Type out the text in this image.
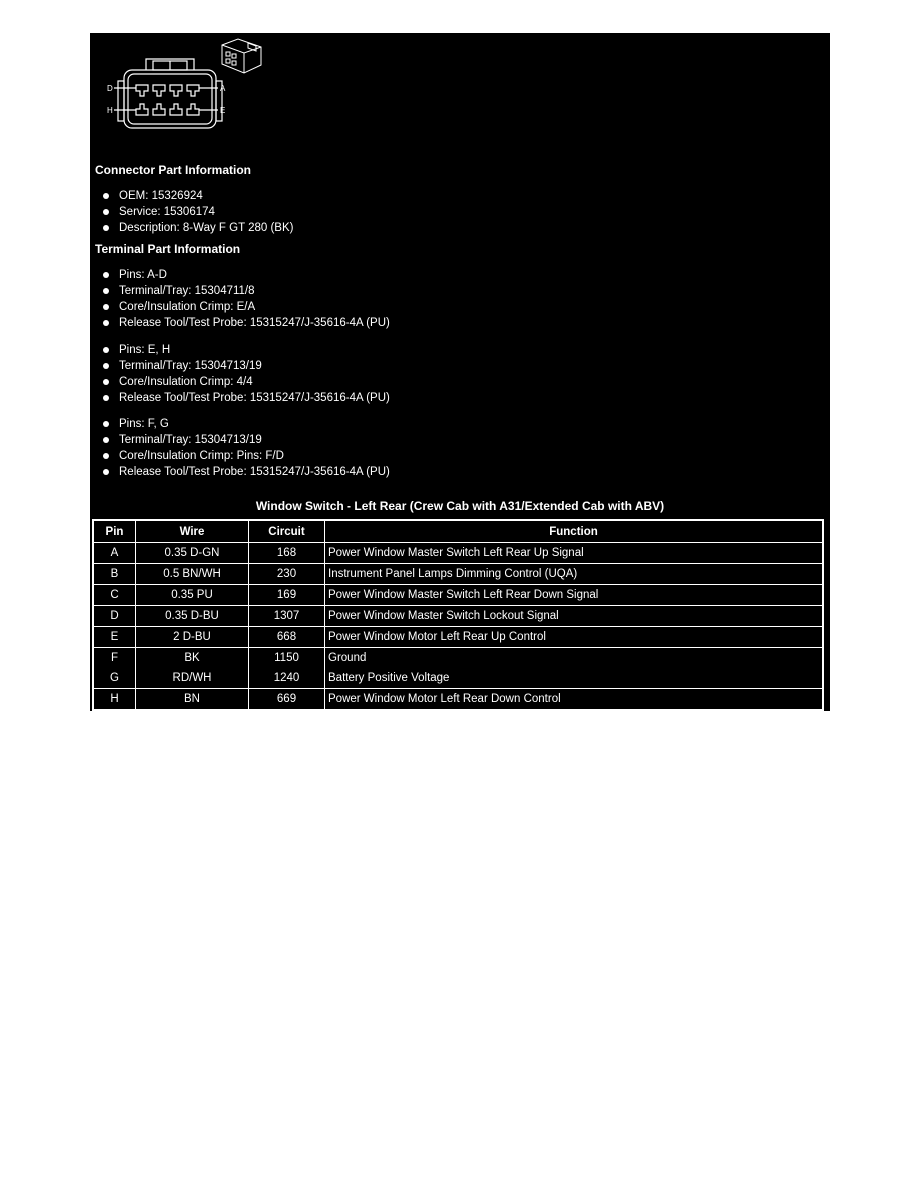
D
H
A
E
Connector Part Information
OEM: 15326924
Service: 15306174
Description: 8-Way F GT 280 (BK)
Terminal Part Information
Pins: A-D
Terminal/Tray: 15304711/8
Core/Insulation Crimp: E/A
Release Tool/Test Probe: 15315247/J-35616-4A (PU)
Pins: E, H
Terminal/Tray: 15304713/19
Core/Insulation Crimp: 4/4
Release Tool/Test Probe: 15315247/J-35616-4A (PU)
Pins: F, G
Terminal/Tray: 15304713/19
Core/Insulation Crimp: Pins: F/D
Release Tool/Test Probe: 15315247/J-35616-4A (PU)
Window Switch - Left Rear (Crew Cab with A31/Extended Cab with ABV)
Pin	Wire	Circuit	Function
A	0.35 D-GN	168	Power Window Master Switch Left Rear Up Signal
B	0.5 BN/WH	230	Instrument Panel Lamps Dimming Control (UQA)
C	0.35 PU	169	Power Window Master Switch Left Rear Down Signal
D	0.35 D-BU	1307	Power Window Master Switch Lockout Signal
E	2 D-BU	668	Power Window Motor Left Rear Up Control
F	BK	1150	Ground
G	RD/WH	1240	Battery Positive Voltage
H	BN	669	Power Window Motor Left Rear Down Control
